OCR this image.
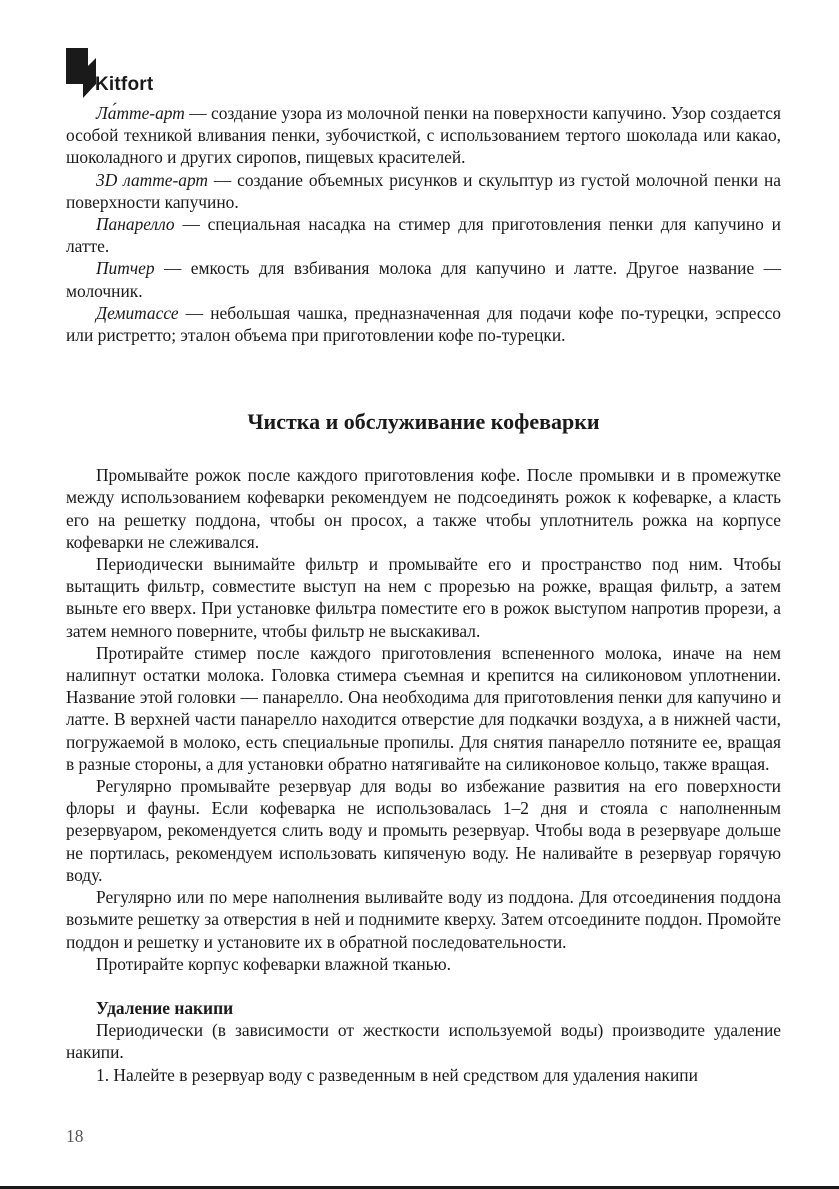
Kitfort

Ла́тте-арт — создание узора из молочной пенки на поверхности капучино. Узор создается особой техникой вливания пенки, зубочисткой, с использованием тертого шоколада или какао, шоколадного и других сиропов, пищевых красителей.

3D латте-арт — создание объемных рисунков и скульптур из густой молочной пенки на поверхности капучино.

Панарелло — специальная насадка на стимер для приготовления пенки для капучино и латте.

Питчер — емкость для взбивания молока для капучино и латте. Другое название — молочник.

Демитассе — небольшая чашка, предназначенная для подачи кофе по-турецки, эспрессо или ристретто; эталон объема при приготовлении кофе по-турецки.

Чистка и обслуживание кофеварки

Промывайте рожок после каждого приготовления кофе. После промывки и в промежутке между использованием кофеварки рекомендуем не подсоединять рожок к кофеварке, а класть его на решетку поддона, чтобы он просох, а также чтобы уплотнитель рожка на корпусе кофеварки не слеживался.

Периодически вынимайте фильтр и промывайте его и пространство под ним. Чтобы вытащить фильтр, совместите выступ на нем с прорезью на рожке, вращая фильтр, а затем выньте его вверх. При установке фильтра поместите его в рожок выступом напротив прорези, а затем немного поверните, чтобы фильтр не выскакивал.

Протирайте стимер после каждого приготовления вспененного молока, иначе на нем налипнут остатки молока. Головка стимера съемная и крепится на силиконовом уплотнении. Название этой головки — панарелло. Она необходима для приготовления пенки для капучино и латте. В верхней части панарелло находится отверстие для подкачки воздуха, а в нижней части, погружаемой в молоко, есть специальные пропилы. Для снятия панарелло потяните ее, вращая в разные стороны, а для установки обратно натягивайте на силиконовое кольцо, также вращая.

Регулярно промывайте резервуар для воды во избежание развития на его поверхности флоры и фауны. Если кофеварка не использовалась 1–2 дня и стояла с наполненным резервуаром, рекомендуется слить воду и промыть резервуар. Чтобы вода в резервуаре дольше не портилась, рекомендуем использовать кипяченую воду. Не наливайте в резервуар горячую воду.

Регулярно или по мере наполнения выливайте воду из поддона. Для отсоединения поддона возьмите решетку за отверстия в ней и поднимите кверху. Затем отсоедините поддон. Промойте поддон и решетку и установите их в обратной последовательности.

Протирайте корпус кофеварки влажной тканью.

Удаление накипи

Периодически (в зависимости от жесткости используемой воды) производите удаление накипи.

1. Налейте в резервуар воду с разведенным в ней средством для удаления накипи

18
